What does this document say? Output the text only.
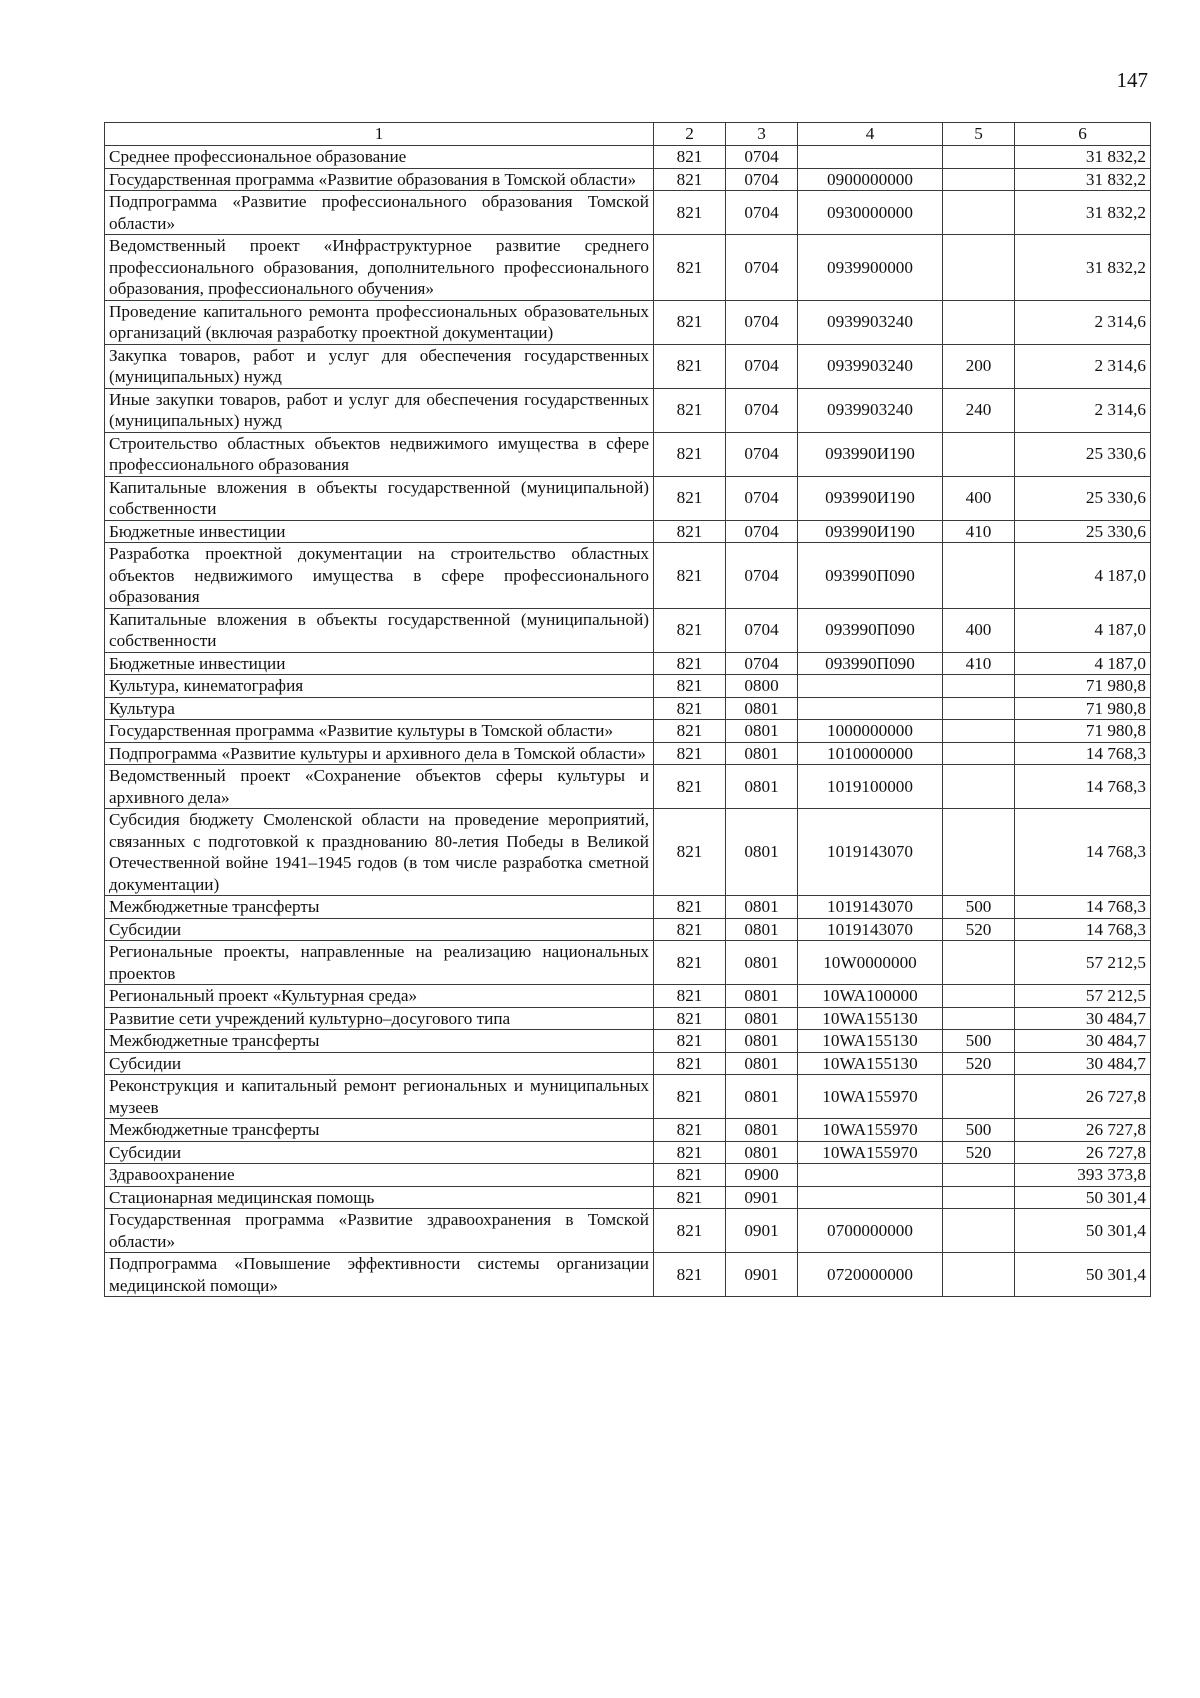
147
1	2	3	4	5	6
Среднее профессиональное образование	821	0704			31 832,2
Государственная программа «Развитие образования в Томской области»	821	0704	0900000000		31 832,2
Подпрограмма «Развитие профессионального образования Томской области»	821	0704	0930000000		31 832,2
Ведомственный проект «Инфраструктурное развитие среднего профессионального образования, дополнительного профессионального образования, профессионального обучения»	821	0704	0939900000		31 832,2
Проведение капитального ремонта профессиональных образовательных организаций (включая разработку проектной документации)	821	0704	0939903240		2 314,6
Закупка товаров, работ и услуг для обеспечения государственных (муниципальных) нужд	821	0704	0939903240	200	2 314,6
Иные закупки товаров, работ и услуг для обеспечения государственных (муниципальных) нужд	821	0704	0939903240	240	2 314,6
Строительство областных объектов недвижимого имущества в сфере профессионального образования	821	0704	093990И190		25 330,6
Капитальные вложения в объекты государственной (муниципальной) собственности	821	0704	093990И190	400	25 330,6
Бюджетные инвестиции	821	0704	093990И190	410	25 330,6
Разработка проектной документации на строительство областных объектов недвижимого имущества в сфере профессионального образования	821	0704	093990П090		4 187,0
Капитальные вложения в объекты государственной (муниципальной) собственности	821	0704	093990П090	400	4 187,0
Бюджетные инвестиции	821	0704	093990П090	410	4 187,0
Культура, кинематография	821	0800			71 980,8
Культура	821	0801			71 980,8
Государственная программа «Развитие культуры в Томской области»	821	0801	1000000000		71 980,8
Подпрограмма «Развитие культуры и архивного дела в Томской области»	821	0801	1010000000		14 768,3
Ведомственный проект «Сохранение объектов сферы культуры и архивного дела»	821	0801	1019100000		14 768,3
Субсидия бюджету Смоленской области на проведение мероприятий, связанных с подготовкой к празднованию 80-летия Победы в Великой Отечественной войне 1941–1945 годов (в том числе разработка сметной документации)	821	0801	1019143070		14 768,3
Межбюджетные трансферты	821	0801	1019143070	500	14 768,3
Субсидии	821	0801	1019143070	520	14 768,3
Региональные проекты, направленные на реализацию национальных проектов	821	0801	10W0000000		57 212,5
Региональный проект «Культурная среда»	821	0801	10WA100000		57 212,5
Развитие сети учреждений культурно–досугового типа	821	0801	10WA155130		30 484,7
Межбюджетные трансферты	821	0801	10WA155130	500	30 484,7
Субсидии	821	0801	10WA155130	520	30 484,7
Реконструкция и капитальный ремонт региональных и муниципальных музеев	821	0801	10WA155970		26 727,8
Межбюджетные трансферты	821	0801	10WA155970	500	26 727,8
Субсидии	821	0801	10WA155970	520	26 727,8
Здравоохранение	821	0900			393 373,8
Стационарная медицинская помощь	821	0901			50 301,4
Государственная программа «Развитие здравоохранения в Томской области»	821	0901	0700000000		50 301,4
Подпрограмма «Повышение эффективности системы организации медицинской помощи»	821	0901	0720000000		50 301,4
